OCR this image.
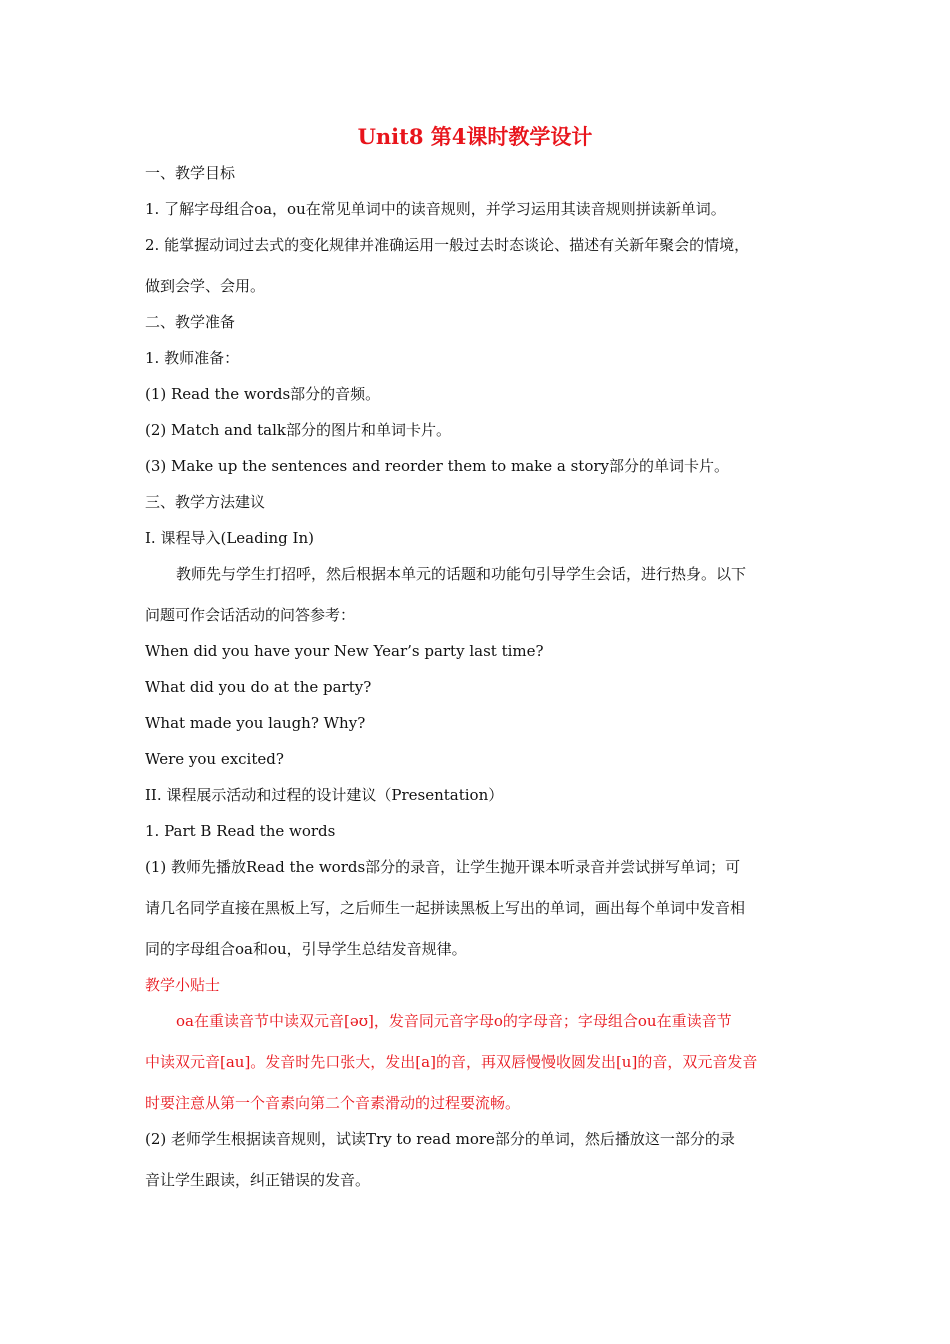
Unit8 第4课时教学设计
一、教学目标
1. 了解字母组合oa，ou在常见单词中的读音规则，并学习运用其读音规则拼读新单词。
2. 能掌握动词过去式的变化规律并准确运用一般过去时态谈论、描述有关新年聚会的情境，
做到会学、会用。
二、教学准备
1. 教师准备：
(1) Read the words部分的音频。
(2) Match and talk部分的图片和单词卡片。
(3) Make up the sentences and reorder them to make a story部分的单词卡片。
三、教学方法建议
I. 课程导入(Leading In)
教师先与学生打招呼，然后根据本单元的话题和功能句引导学生会话，进行热身。以下
问题可作会话活动的问答参考：
When did you have your New Year’s party last time?
What did you do at the party?
What made you laugh? Why?
Were you excited?
II. 课程展示活动和过程的设计建议（Presentation）
1. Part B Read the words
(1) 教师先播放Read the words部分的录音，让学生抛开课本听录音并尝试拼写单词；可
请几名同学直接在黑板上写，之后师生一起拼读黑板上写出的单词，画出每个单词中发音相
同的字母组合oa和ou，引导学生总结发音规律。
教学小贴士
oa在重读音节中读双元音[əʊ]，发音同元音字母o的字母音；字母组合ou在重读音节
中读双元音[au]。发音时先口张大，发出[a]的音，再双唇慢慢收圆发出[u]的音，双元音发音
时要注意从第一个音素向第二个音素滑动的过程要流畅。
(2) 老师学生根据读音规则，试读Try to read more部分的单词，然后播放这一部分的录
音让学生跟读，纠正错误的发音。
